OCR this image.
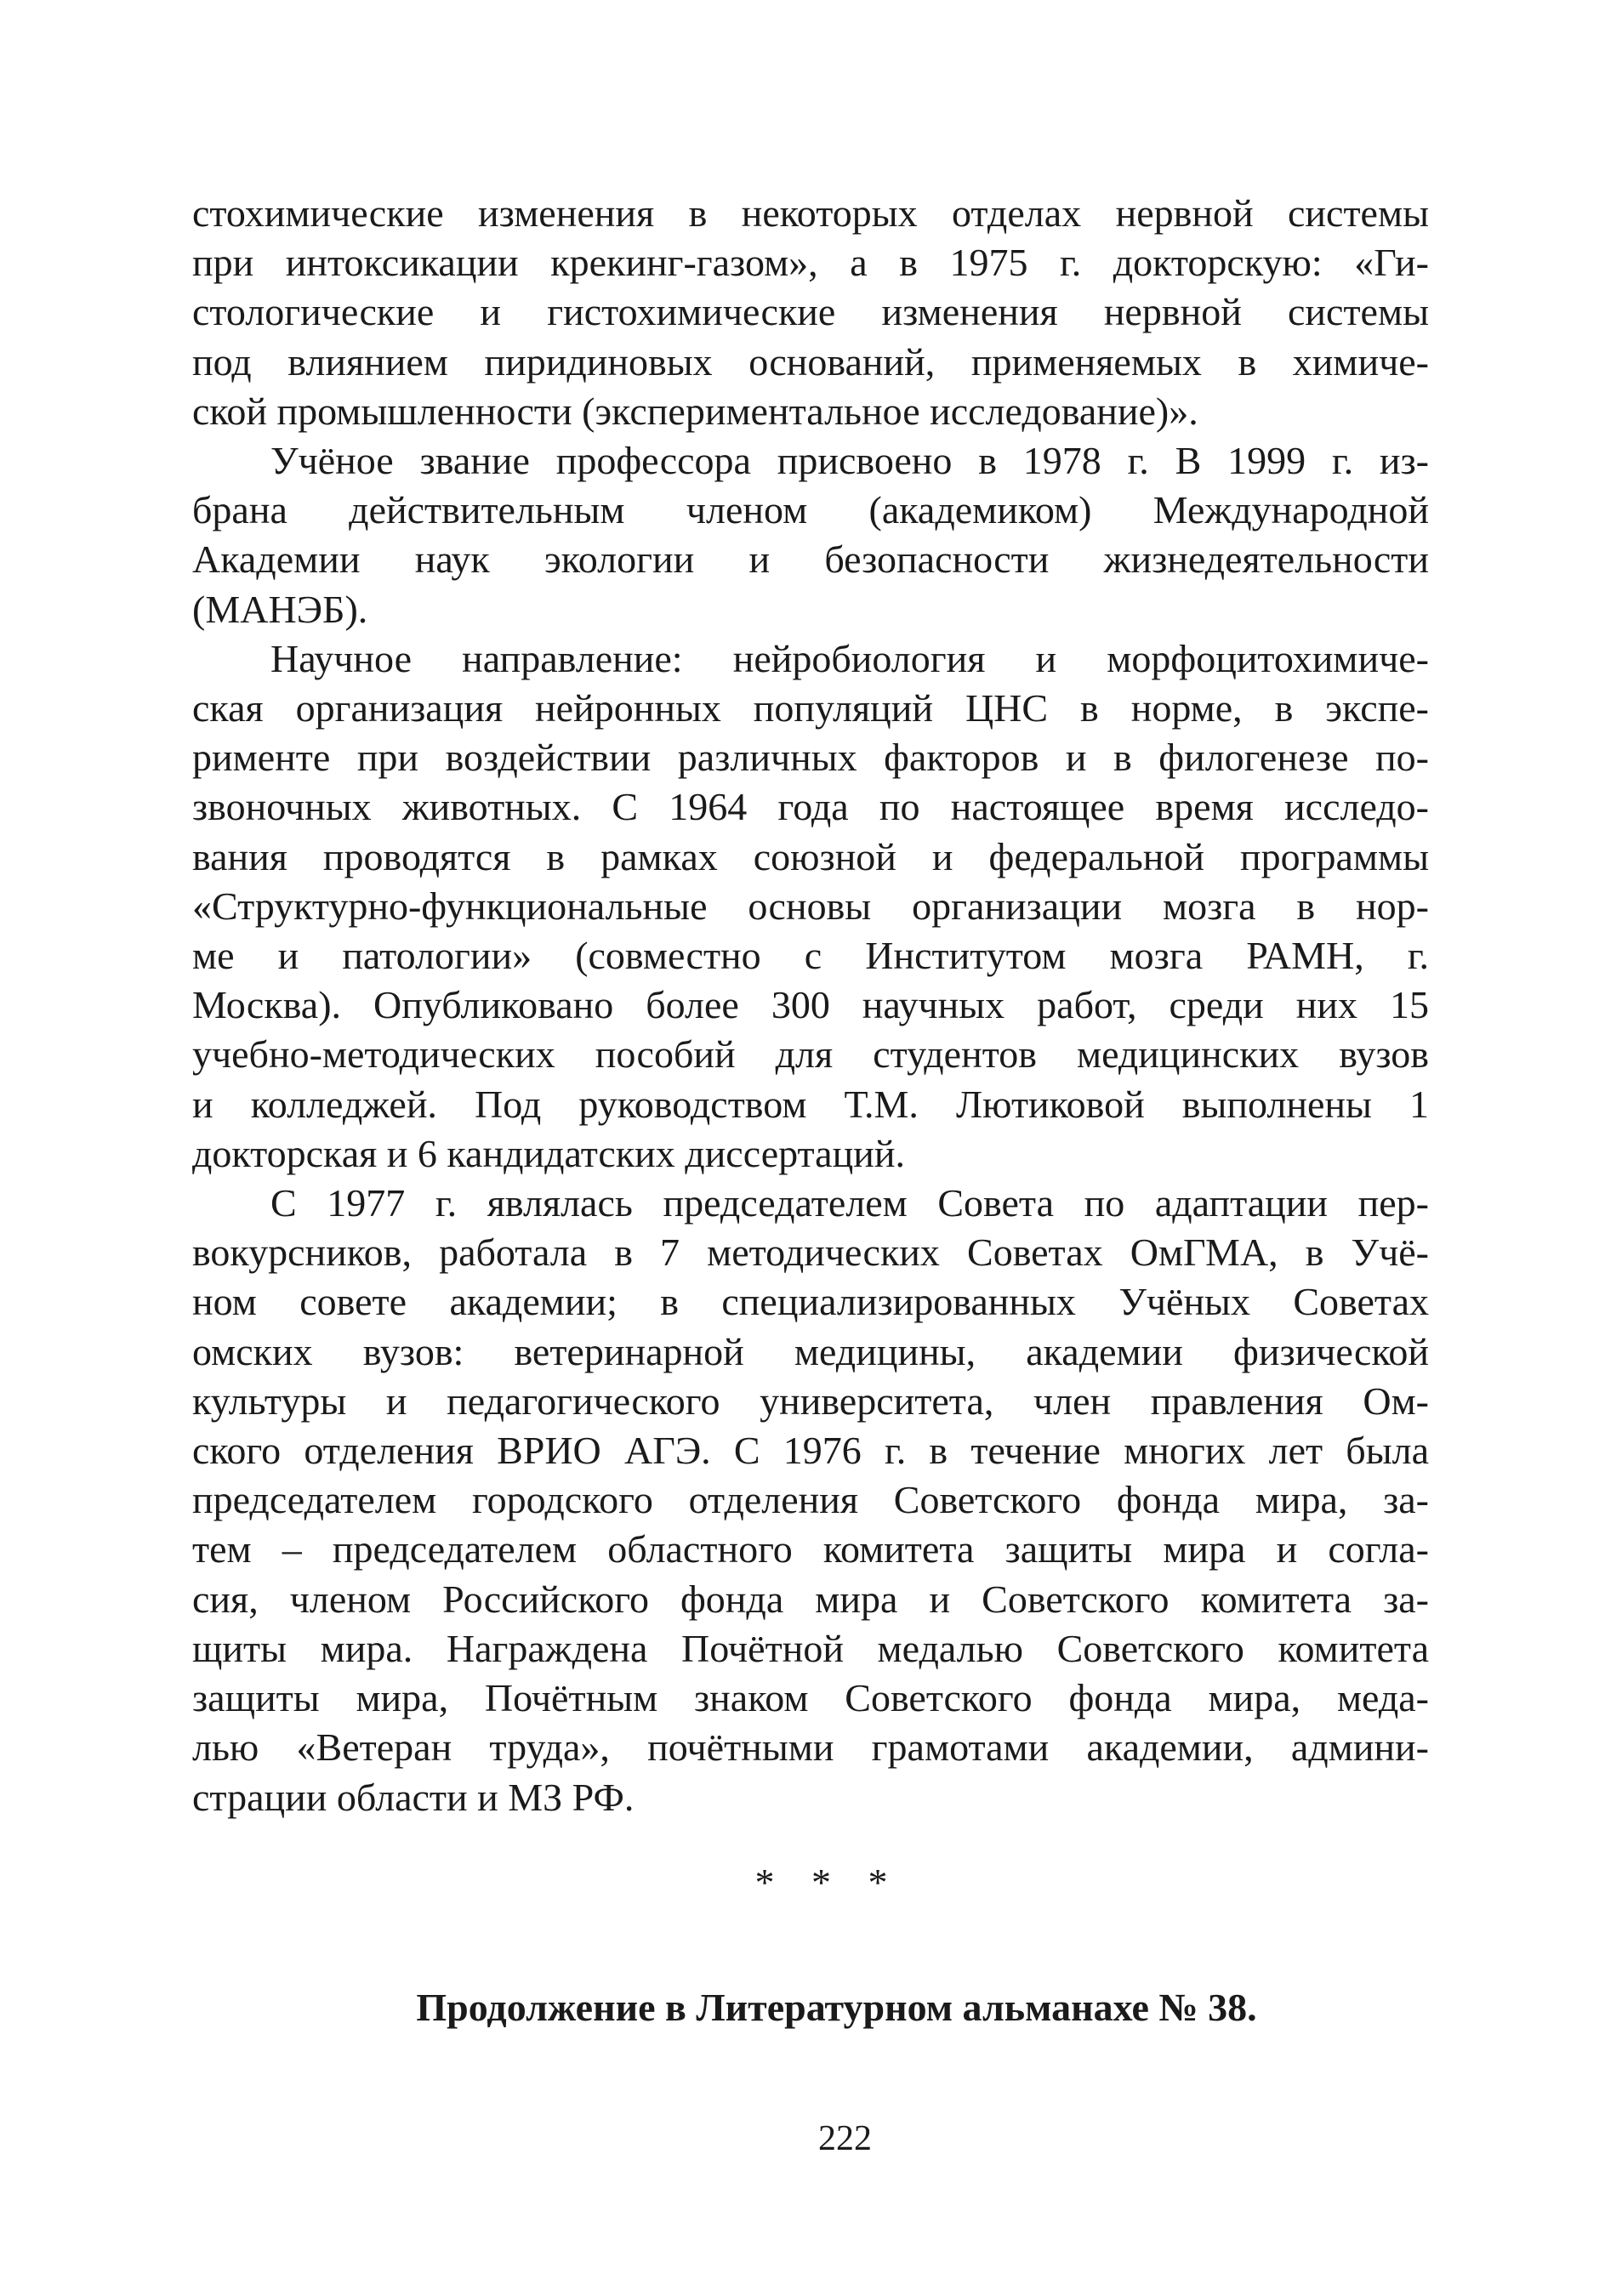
стохимические изменения в некоторых отделах нервной системы
при интоксикации крекинг-газом», а в 1975 г. докторскую: «Ги-
стологические и гистохимические изменения нервной системы
под влиянием пиридиновых оснований, применяемых в химиче-
ской промышленности (экспериментальное исследование)».
Учёное звание профессора присвоено в 1978 г. В 1999 г. из-
брана действительным членом (академиком) Международной
Академии наук экологии и безопасности жизнедеятельности
(МАНЭБ).
Научное направление: нейробиология и морфоцитохимиче-
ская организация нейронных популяций ЦНС в норме, в экспе-
рименте при воздействии различных факторов и в филогенезе по-
звоночных животных. С 1964 года по настоящее время исследо-
вания проводятся в рамках союзной и федеральной программы
«Структурно-функциональные основы организации мозга в нор-
ме и патологии» (совместно с Институтом мозга РАМН, г.
Москва). Опубликовано более 300 научных работ, среди них 15
учебно-методических пособий для студентов медицинских вузов
и колледжей. Под руководством Т.М. Лютиковой выполнены 1
докторская и 6 кандидатских диссертаций.
С 1977 г. являлась председателем Совета по адаптации пер-
вокурсников, работала в 7 методических Советах ОмГМА, в Учё-
ном совете академии; в специализированных Учёных Советах
омских вузов: ветеринарной медицины, академии физической
культуры и педагогического университета, член правления Ом-
ского отделения ВРИО АГЭ. С 1976 г. в течение многих лет была
председателем городского отделения Советского фонда мира, за-
тем – председателем областного комитета защиты мира и согла-
сия, членом Российского фонда мира и Советского комитета за-
щиты мира. Награждена Почётной медалью Советского комитета
защиты мира, Почётным знаком Советского фонда мира, меда-
лью «Ветеран труда», почётными грамотами академии, админи-
страции области и МЗ РФ.
* * *
Продолжение в Литературном альманахе № 38.
222
